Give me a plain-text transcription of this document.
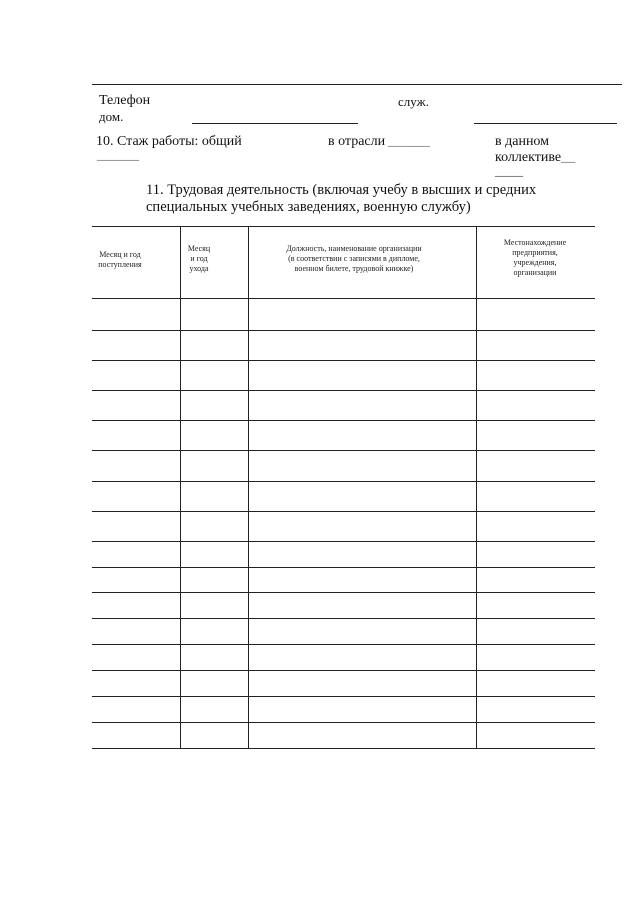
Телефон
дом.
служ.
10. Стаж работы: общий
______
в отрасли ______	в данном
коллективе__
____
11. Трудовая деятельность (включая учебу в высших и средних
специальных учебных заведениях, военную службу)
Месяц и год
поступления
Месяц
и год
ухода
Должность, наименование организации
(в соответствии с записями в дипломе,
военном билете, трудовой книжке)
Местонахождение
предприятия,
учреждения,
организации
